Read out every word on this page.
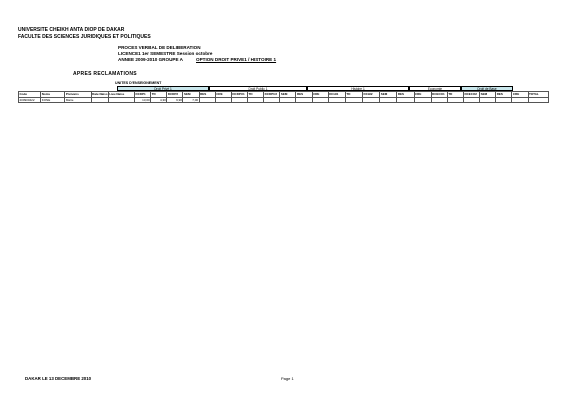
UNIVERSITE CHEIKH ANTA DIOP DE DAKAR
FACULTE DES SCIENCES JURIDIQUES ET POLITIQUES
PROCES VERBAL DE DELIBERATION
LICENCE1 1er SEMESTRE Session octobre
ANNEE 2009-2010 GROUPE A	OPTION DROIT PRIVE1 / HISTOIRE 1
APRES RECLAMATIONS
UNITES D'ENSEIGNEMENT
Droit Privé 1	Droit Public 1	Histoire 1	Economie	Droit de Base
Code	Noms	Prénoms	Date Naiss	Lieu Naiss	DCDP1	TD	DCDP2	SEM	RES	CRE	DCDPU1	TD	DCDPU2	SEM	RES	CRE	DCHI1	TD	DCHI2	SEM	RES	CRE	DCECO1	TD	DCECO2	SEM	RES	CRE	TOTAL
200900422	KONE	Marie			13,00	4,30	9,90	7,00																					
DAKAR LE 13 DECEMBRE 2010	Page 1
